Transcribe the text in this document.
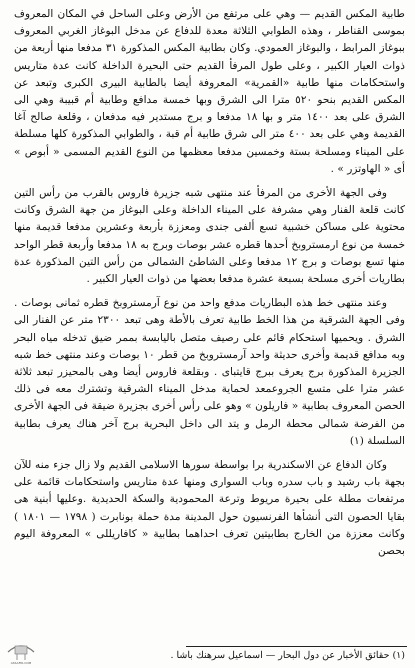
طابية المكس القديم — وهي على مرتفع من الأرض وعلى الساحل في المكان المعروف بموسى القناطر ، وهذه الطوابي الثلاثة معدة للدفاع عن مدخل البوغاز الغربي المعروف ببوغاز المرابط ، والبوغاز العمودي. وكان بطابية المكس المذكورة ٣١ مدفعا منها أربعة من ذوات العيار الكبير ، وعلى طول المرفأ القديم حتى البحيرة الداخلة كانت عدة متاريس واستحكامات منها طابية «القمرية» المعروفة أيضا بالطابية البيرى الكبرى وتبعد عن المكس القديم بنحو ٥٢٠ مترا الى الشرق وبها خمسة مدافع وطابية أم قبيبة وهي الى الشرق على بعد ١٤٠٠ متر و بها ١٨ مدفعا و برج مستدير فيه مدفعان ، وقلعة صالح آغا القديمة وهي على بعد ٤٠٠ متر الى شرق طابية أم قبة ، والطوابي المذكورة كلها مسلطة على الميناء ومسلحة بستة وخمسين مدفعا معظمها من النوع القديم المسمى « أبوص » أى « الهاوتزر » .

وفى الجهة الأخرى من المرفأ عند منتهى شبه جزيرة فاروس بالقرب من رأس التين كانت قلعة الفنار وهي مشرفة على الميناء الداخلة وعلى البوغاز من جهة الشرق وكانت محتوية على مساكن خشبية تسع ألفى جندى ومعززة بأربعة وعشرين مدفعا قديمة منها خمسة من نوع ارمستروبخ أحدها قطره عشر بوصات وبرج به ١٨ مدفعا وأربعة قطر الواحد منها تسع بوصات و برج ١٢ مدفعا وعلى الشاطئ الشمالى من رأس التين المذكورة عدة بطاريات أخرى مسلحة بسبعة عشرة مدفعا بعضها من ذوات العيار الكبير .

وعند منتهى خط هذه البطاريات مدفع واحد من نوع آرمستروبخ قطره ثمانى بوصات . وفى الجهة الشرقية من هذا الخط طابية تعرف بالأطة وهى تبعد ٢٣٠٠ متر عن الفنار الى الشرق . ويحميها استحكام قائم على رصيف متصل باليابسة بممر ضيق تدخله مياه البحر وبه مدافع قديمة وأخرى حديثة واحد آرمستروبخ من قطر ١٠ بوصات وعند منتهى خط شبه الجزيرة المذكورة برج يعرف ببرج قايتباى . وبقلعة فاروس أيضا وهى بالمحيزر تبعد ثلاثة عشر مترا على متسع الجروعمعد لحماية مدخل الميناء الشرقية وتشترك معه فى ذلك الحصن المعروف بطابية « فاريلون » وهو على رأس أخرى بجزيرة ضيقة فى الجهة الأخرى من الفرضة شمالى محطة الرمل و يتد الى داخل البحرية برج آخر هناك يعرف بطابية السلسلة (١)

وكان الدفاع عن الاسكندرية برا بواسطة سورها الاسلامى القديم ولا زال جزء منه للآن بجهة باب رشيد و باب سدره وباب السوارى ومنها عدة متاريس واستحكامات قائمة على مرتفعات مطلة على بحيرة مريوط وترعة المحمودية والسكة الحديدية .وعليها أبنية هى بقايا الحصون التى أنشأها الفرنسيون حول المدينة مدة حملة بونابرت ( ١٧٩٨ — ١٨٠١ ) وكانت معززة من الخارج بطابيتين تعرف احداهما بطابية « كافاريللى » المعروفة اليوم بحصن

(١) حقائق الأخبار عن دول البحار — اسماعيل سرهنك باشا .
ASSAFIR.COM
